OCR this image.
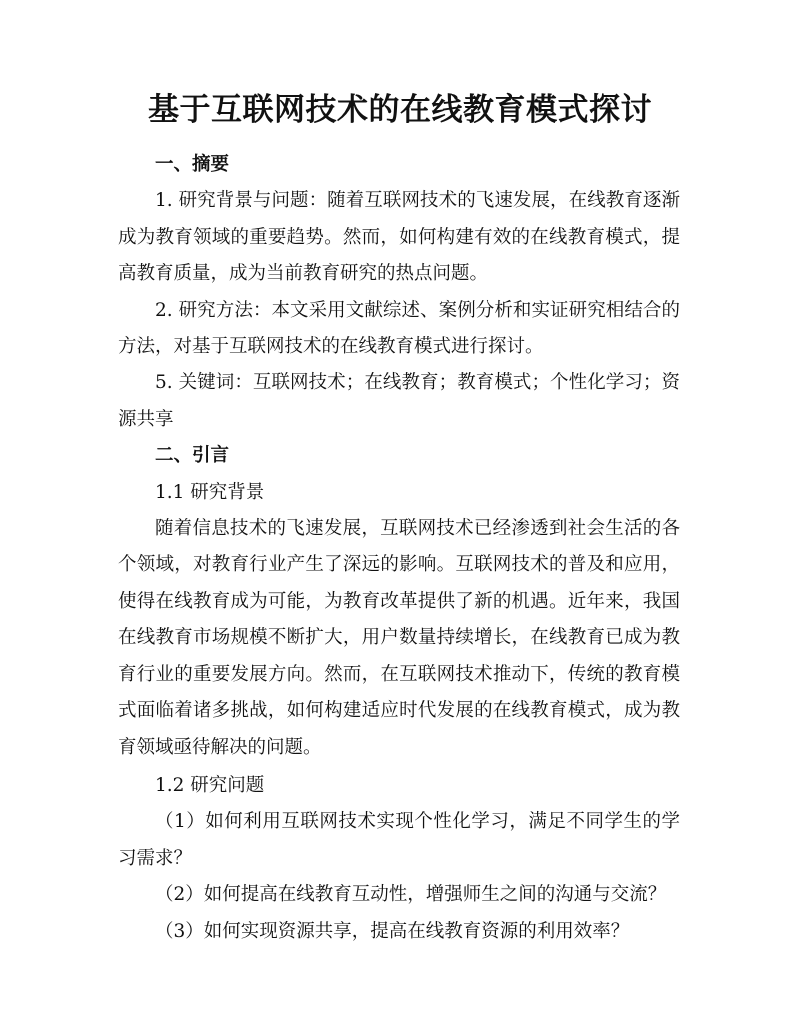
基于互联网技术的在线教育模式探讨

一、摘要

1. 研究背景与问题：随着互联网技术的飞速发展，在线教育逐渐成为教育领域的重要趋势。然而，如何构建有效的在线教育模式，提高教育质量，成为当前教育研究的热点问题。

2. 研究方法：本文采用文献综述、案例分析和实证研究相结合的方法，对基于互联网技术的在线教育模式进行探讨。

5. 关键词：互联网技术；在线教育；教育模式；个性化学习；资源共享

二、引言

1.1 研究背景

随着信息技术的飞速发展，互联网技术已经渗透到社会生活的各个领域，对教育行业产生了深远的影响。互联网技术的普及和应用，使得在线教育成为可能，为教育改革提供了新的机遇。近年来，我国在线教育市场规模不断扩大，用户数量持续增长，在线教育已成为教育行业的重要发展方向。然而，在互联网技术推动下，传统的教育模式面临着诸多挑战，如何构建适应时代发展的在线教育模式，成为教育领域亟待解决的问题。

1.2 研究问题

（1）如何利用互联网技术实现个性化学习，满足不同学生的学习需求？

（2）如何提高在线教育互动性，增强师生之间的沟通与交流？

（3）如何实现资源共享，提高在线教育资源的利用效率？
